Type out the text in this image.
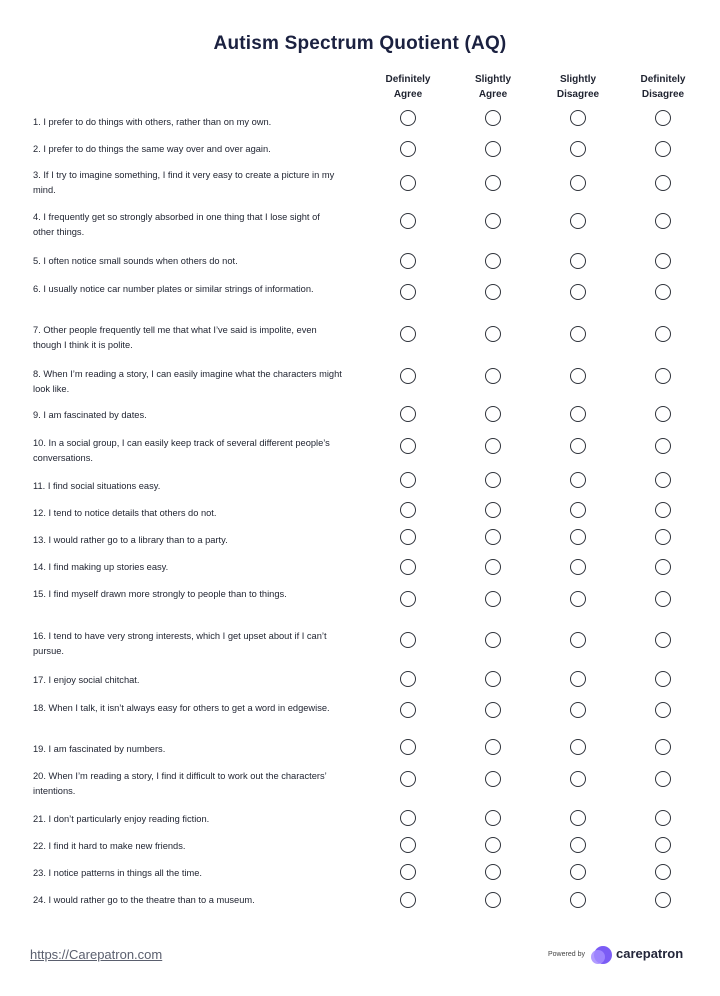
Autism Spectrum Quotient (AQ)
Definitely
Agree
Slightly
Agree
Slightly
Disagree
Definitely
Disagree
1. I prefer to do things with others, rather than on my own.
2. I prefer to do things the same way over and over again.
3. If I try to imagine something, I find it very easy to create a picture in my mind.
4. I frequently get so strongly absorbed in one thing that I lose sight of other things.
5. I often notice small sounds when others do not.
6. I usually notice car number plates or similar strings of information.
7. Other people frequently tell me that what I’ve said is impolite, even though I think it is polite.
8. When I’m reading a story, I can easily imagine what the characters might look like.
9. I am fascinated by dates.
10. In a social group, I can easily keep track of several different people’s conversations.
11. I find social situations easy.
12. I tend to notice details that others do not.
13. I would rather go to a library than to a party.
14. I find making up stories easy.
15. I find myself drawn more strongly to people than to things.
16. I tend to have very strong interests, which I get upset about if I can’t pursue.
17. I enjoy social chitchat.
18. When I talk, it isn’t always easy for others to get a word in edgewise.
19. I am fascinated by numbers.
20. When I’m reading a story, I find it difficult to work out the characters’ intentions.
21. I don’t particularly enjoy reading fiction.
22. I find it hard to make new friends.
23. I notice patterns in things all the time.
24. I would rather go to the theatre than to a museum.
https://Carepatron.com	Powered by carepatron
